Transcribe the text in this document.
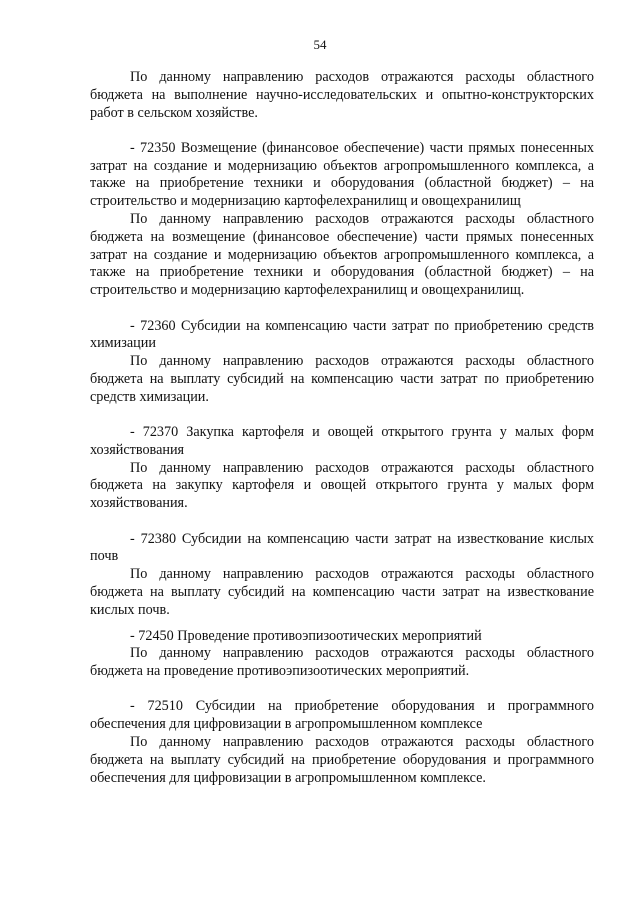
54

По данному направлению расходов отражаются расходы областного бюджета на выполнение научно-исследовательских и опытно-конструкторских работ в сельском хозяйстве.

- 72350 Возмещение (финансовое обеспечение) части прямых понесенных затрат на создание и модернизацию объектов агропромышленного комплекса, а также на приобретение техники и оборудования (областной бюджет) – на строительство и модернизацию картофелехранилищ и овощехранилищ

По данному направлению расходов отражаются расходы областного бюджета на возмещение (финансовое обеспечение) части прямых понесенных затрат на создание и модернизацию объектов агропромышленного комплекса, а также на приобретение техники и оборудования (областной бюджет) – на строительство и модернизацию картофелехранилищ и овощехранилищ.

- 72360 Субсидии на компенсацию части затрат по приобретению средств химизации

По данному направлению расходов отражаются расходы областного бюджета на выплату субсидий на компенсацию части затрат по приобретению средств химизации.

- 72370 Закупка картофеля и овощей открытого грунта у малых форм хозяйствования

По данному направлению расходов отражаются расходы областного бюджета на закупку картофеля и овощей открытого грунта у малых форм хозяйствования.

- 72380 Субсидии на компенсацию части затрат на известкование кислых почв

По данному направлению расходов отражаются расходы областного бюджета на выплату субсидий на компенсацию части затрат на известкование кислых почв.

- 72450 Проведение противоэпизоотических мероприятий

По данному направлению расходов отражаются расходы областного бюджета на проведение противоэпизоотических мероприятий.

- 72510 Субсидии на приобретение оборудования и программного обеспечения для цифровизации в агропромышленном комплексе

По данному направлению расходов отражаются расходы областного бюджета на выплату субсидий на приобретение оборудования и программного обеспечения для цифровизации в агропромышленном комплексе.
